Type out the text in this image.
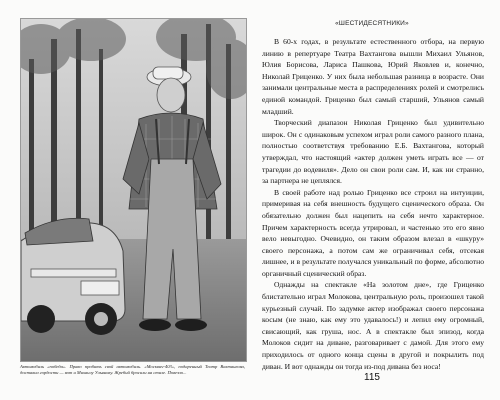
Автомобиль «победа». Право пробить свой автомобиль. «Москвич-403», подаренный Театр Вахтангова, доставил гордости — вот и Михаилу Ульянову. Жребий бросили на стиле. Повезло...
«ШЕСТИДЕСЯТНИКИ»

В 60-х годах, в результате естественного отбора, на первую линию в репертуаре Театра Вахтангова вышли Михаил Ульянов, Юлия Борисова, Лариса Пашкова, Юрий Яковлев и, конечно, Николай Гриценко. У них была небольшая разница в возрасте. Они занимали центральные места в распределениях ролей и смотрелись единой командой. Гриценко был самый старший, Ульянов самый младший.

Творческий диапазон Николая Гриценко был удивительно широк. Он с одинаковым успехом играл роли самого разного плана, полностью соответствуя требованию Е.Б. Вахтангова, который утверждал, что настоящий «актер должен уметь играть все — от трагедии до водевиля». Дело он свои роли сам. И, как ни странно, за партнера не цеплялся.

В своей работе над ролью Гриценко все строил на интуиции, примеривая на себя внешность будущего сценического образа. Он обязательно должен был нацепить на себя нечто характерное. Причем характерность всегда утрировал, и частенько это его явно вело невыгодно. Очевидно, он таким образом влезал в «шкуру» своего персонажа, а потом сам же ограничивал себя, отсекая лишнее, и в результате получался уникальный по форме, абсолютно органичный сценический образ.

Однажды на спектакле «На золотом дне», где Гриценко блистательно играл Молокова, центральную роль, произошел такой курьезный случай. По задумке актер изображал своего персонажа косым (не знаю, как ему это удавалось!) и лепил ему огромный, свисающий, как груша, нос. А в спектакле был эпизод, когда Молоков сидит на диване, разговаривает с дамой. Для этого ему приходилось от одного конца сцены в другой и покрылить под диван. И вот однажды он тогда из-под дивана без носа!

115
